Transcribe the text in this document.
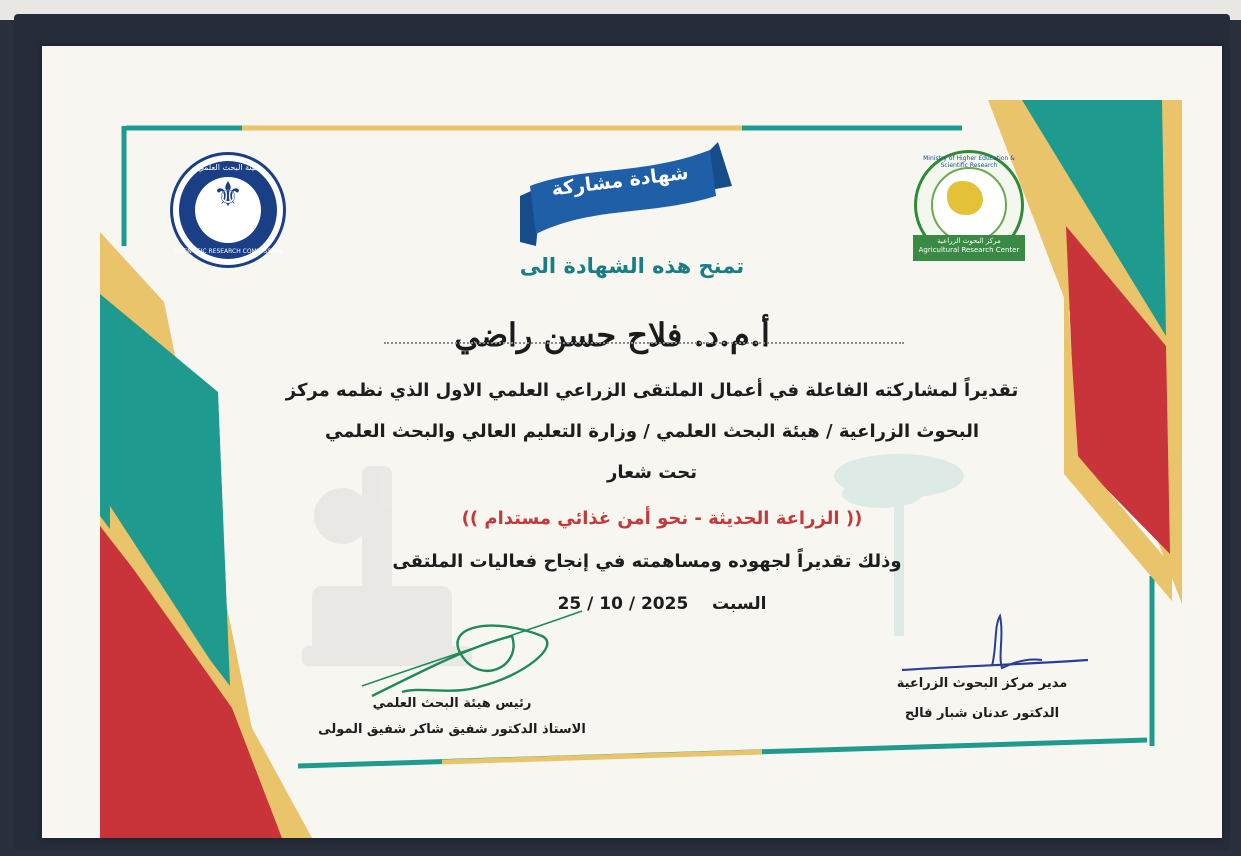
شهادة مشاركة
هيئة البحث العلمي
⚜
SCIENTIFIC RESEARCH COMMISSION
Ministry of Higher Education & Scientific Research
مركز البحوث الزراعية
Agricultural Research Center
تمنح هذه الشهادة الى
أ.م.د. فلاح حسن راضي
تقديراً لمشاركته الفاعلة في أعمال الملتقى الزراعي العلمي الاول الذي نظمه مركز
البحوث الزراعية / هيئة البحث العلمي / وزارة التعليم العالي والبحث العلمي
تحت شعار
(( الزراعة الحديثة - نحو أمن غذائي مستدام ))
وذلك تقديراً لجهوده ومساهمته في إنجاح فعاليات الملتقى
السبت    25 / 10 / 2025
رئيس هيئة البحث العلمي
الاستاذ الدكتور شفيق شاكر شفيق المولى
مدير مركز البحوث الزراعية
الدكتور عدنان شبار فالح
